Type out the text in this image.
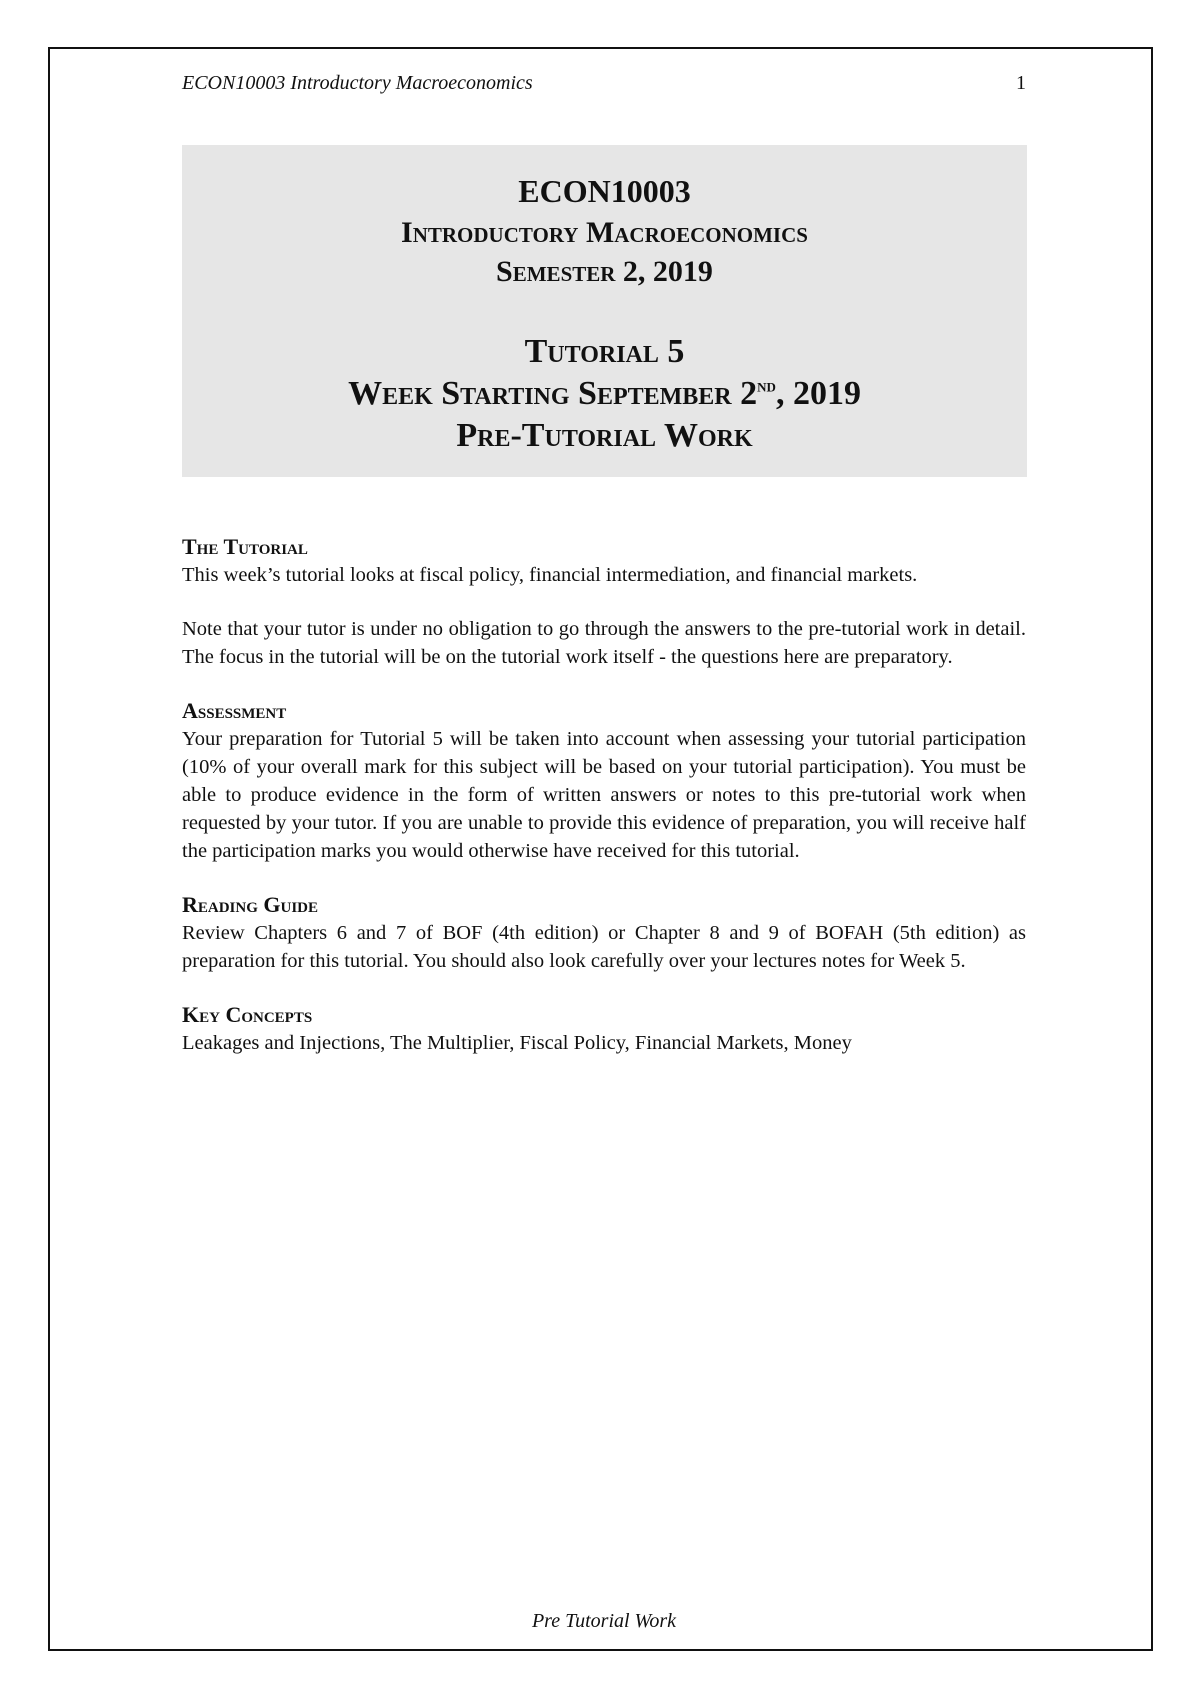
ECON10003 Introductory Macroeconomics	1
ECON10003
Introductory Macroeconomics
Semester 2, 2019
Tutorial 5
Week Starting September 2nd, 2019
Pre-Tutorial Work
The Tutorial

This week’s tutorial looks at fiscal policy, financial intermediation, and financial markets.

Note that your tutor is under no obligation to go through the answers to the pre-tutorial work in detail. The focus in the tutorial will be on the tutorial work itself - the questions here are preparatory.

Assessment

Your preparation for Tutorial 5 will be taken into account when assessing your tutorial participation (10% of your overall mark for this subject will be based on your tutorial participation). You must be able to produce evidence in the form of written answers or notes to this pre-tutorial work when requested by your tutor. If you are unable to provide this evidence of preparation, you will receive half the participation marks you would otherwise have received for this tutorial.

Reading Guide

Review Chapters 6 and 7 of BOF (4th edition) or Chapter 8 and 9 of BOFAH (5th edition) as preparation for this tutorial. You should also look carefully over your lectures notes for Week 5.

Key Concepts

Leakages and Injections, The Multiplier, Fiscal Policy, Financial Markets, Money

Pre Tutorial Work
